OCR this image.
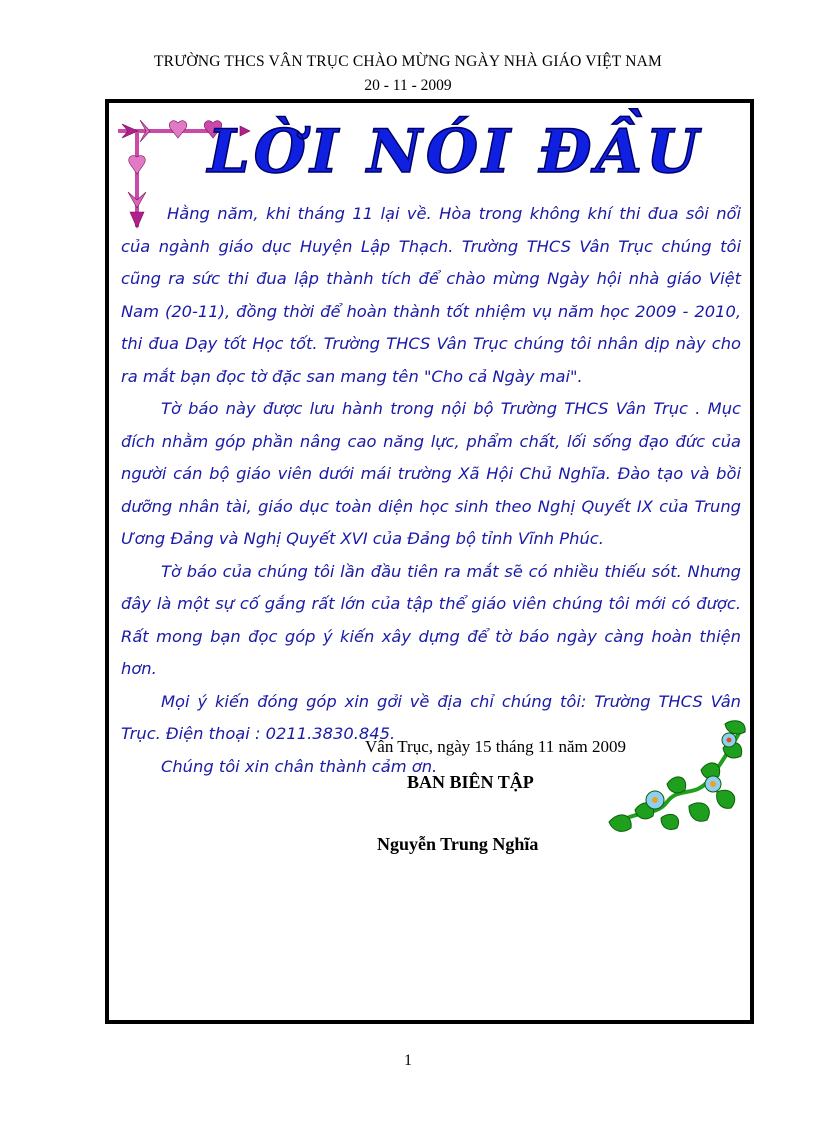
TRƯỜNG THCS VÂN TRỤC CHÀO MỪNG NGÀY NHÀ GIÁO VIỆT NAM
20 - 11 - 2009
LỜI NÓI ĐẦU

Hằng năm, khi tháng 11 lại về. Hòa trong không khí thi đua sôi nổi của ngành giáo dục Huyện Lập Thạch. Trường THCS Vân Trục chúng tôi cũng ra sức thi đua lập thành tích để chào mừng Ngày hội nhà giáo Việt Nam (20-11), đồng thời để hoàn thành tốt nhiệm vụ năm học 2009 - 2010, thi đua Dạy tốt Học tốt. Trường THCS Vân Trục chúng tôi nhân dịp này cho ra mắt bạn đọc tờ đặc san mang tên "Cho cả Ngày mai".

Tờ báo này được lưu hành trong nội bộ Trường THCS Vân Trục . Mục đích nhằm góp phần nâng cao năng lực, phẩm chất, lối sống đạo đức của người cán bộ giáo viên dưới mái trường Xã Hội Chủ Nghĩa. Đào tạo và bồi dưỡng nhân tài, giáo dục toàn diện học sinh theo Nghị Quyết IX của Trung Ương Đảng và Nghị Quyết XVI của Đảng bộ tỉnh Vĩnh Phúc.

Tờ báo của chúng tôi lần đầu tiên ra mắt sẽ có nhiều thiếu sót. Nhưng đây là một sự cố gắng rất lớn của tập thể giáo viên chúng tôi mới có được. Rất mong bạn đọc góp ý kiến xây dựng để tờ báo ngày càng hoàn thiện hơn.

Mọi ý kiến đóng góp xin gởi về địa chỉ chúng tôi: Trường THCS Vân Trục. Điện thoại : 0211.3830.845.

Chúng tôi xin chân thành cảm ơn.

Vân Trục, ngày 15 tháng 11 năm 2009
BAN BIÊN TẬP
Nguyễn Trung Nghĩa
1
